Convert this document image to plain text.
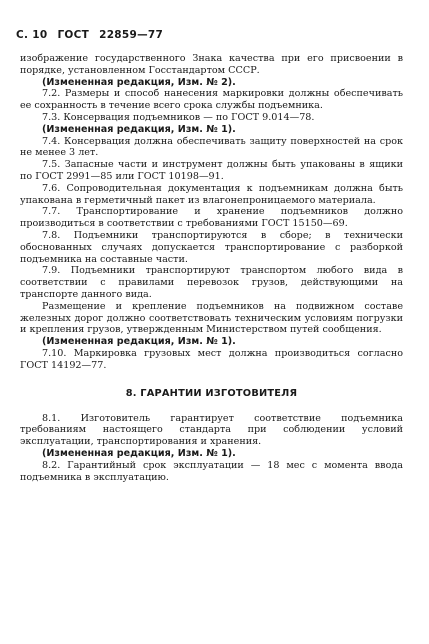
С. 10 ГОСТ 22859—77

изображение государственного Знака качества при его присвоении в порядке, установленном Госстандартом СССР.

(Измененная редакция, Изм. № 2).

7.2. Размеры и способ нанесения маркировки должны обеспечивать ее сохранность в течение всего срока службы подъемника.

7.3. Консервация подъемников — по ГОСТ 9.014—78.

(Измененная редакция, Изм. № 1).

7.4. Консервация должна обеспечивать защиту поверхностей на срок не менее 3 лет.

7.5. Запасные части и инструмент должны быть упакованы в ящики по ГОСТ 2991—85 или ГОСТ 10198—91.

7.6. Сопроводительная документация к подъемникам должна быть упакована в герметичный пакет из влагонепроницаемого материала.

7.7. Транспортирование и хранение подъемников должно производиться в соответствии с требованиями ГОСТ 15150—69.

7.8. Подъемники транспортируются в сборе; в технически обоснованных случаях допускается транспортирование с разборкой подъемника на составные части.

7.9. Подъемники транспортируют транспортом любого вида в соответствии с правилами перевозок грузов, действующими на транспорте данного вида.

Размещение и крепление подъемников на подвижном составе железных дорог должно соответствовать техническим условиям погрузки и крепления грузов, утвержденным Министерством путей сообщения.

(Измененная редакция, Изм. № 1).

7.10. Маркировка грузовых мест должна производиться согласно ГОСТ 14192—77.

8. ГАРАНТИИ ИЗГОТОВИТЕЛЯ

8.1. Изготовитель гарантирует соответствие подъемника требованиям настоящего стандарта при соблюдении условий эксплуатации, транспортирования и хранения.

(Измененная редакция, Изм. № 1).

8.2. Гарантийный срок эксплуатации — 18 мес с момента ввода подъемника в эксплуатацию.
